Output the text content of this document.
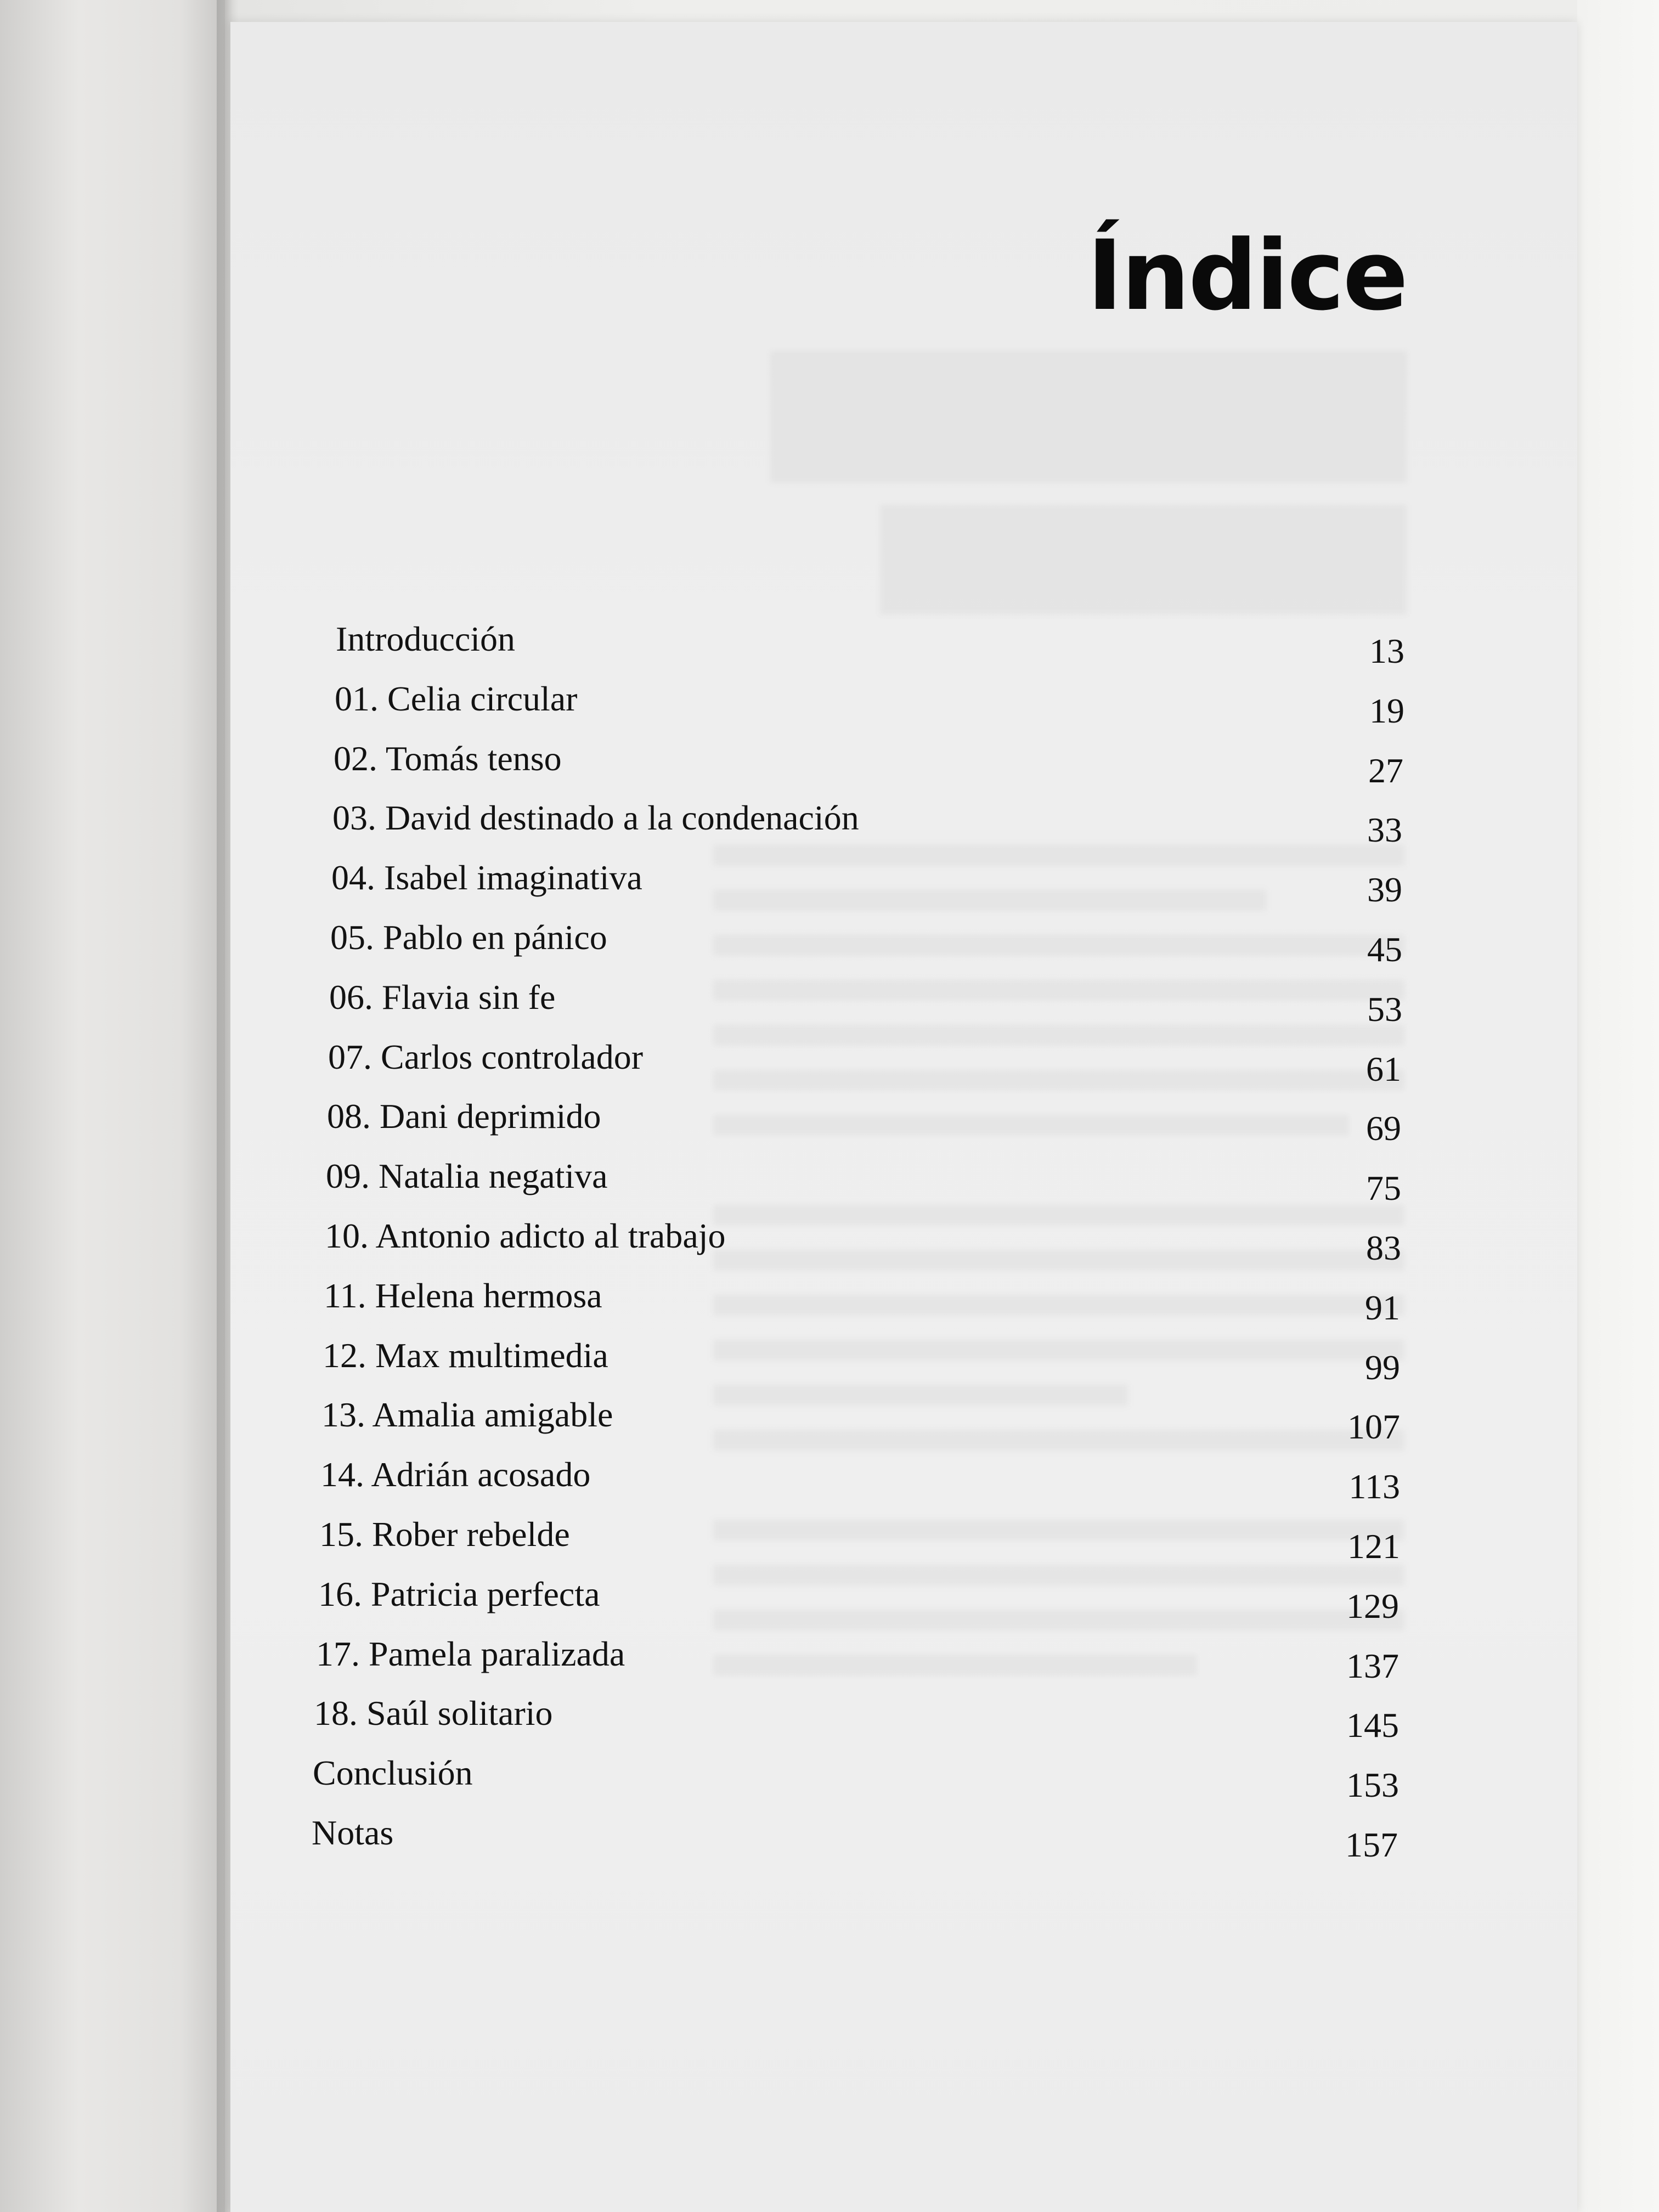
Índice
Introducción	13
01. Celia circular	19
02. Tomás tenso	27
03. David destinado a la condenación	33
04. Isabel imaginativa	39
05. Pablo en pánico	45
06. Flavia sin fe	53
07. Carlos controlador	61
08. Dani deprimido	69
09. Natalia negativa	75
10. Antonio adicto al trabajo	83
11. Helena hermosa	91
12. Max multimedia	99
13. Amalia amigable	107
14. Adrián acosado	113
15. Rober rebelde	121
16. Patricia perfecta	129
17. Pamela paralizada	137
18. Saúl solitario	145
Conclusión	153
Notas	157
